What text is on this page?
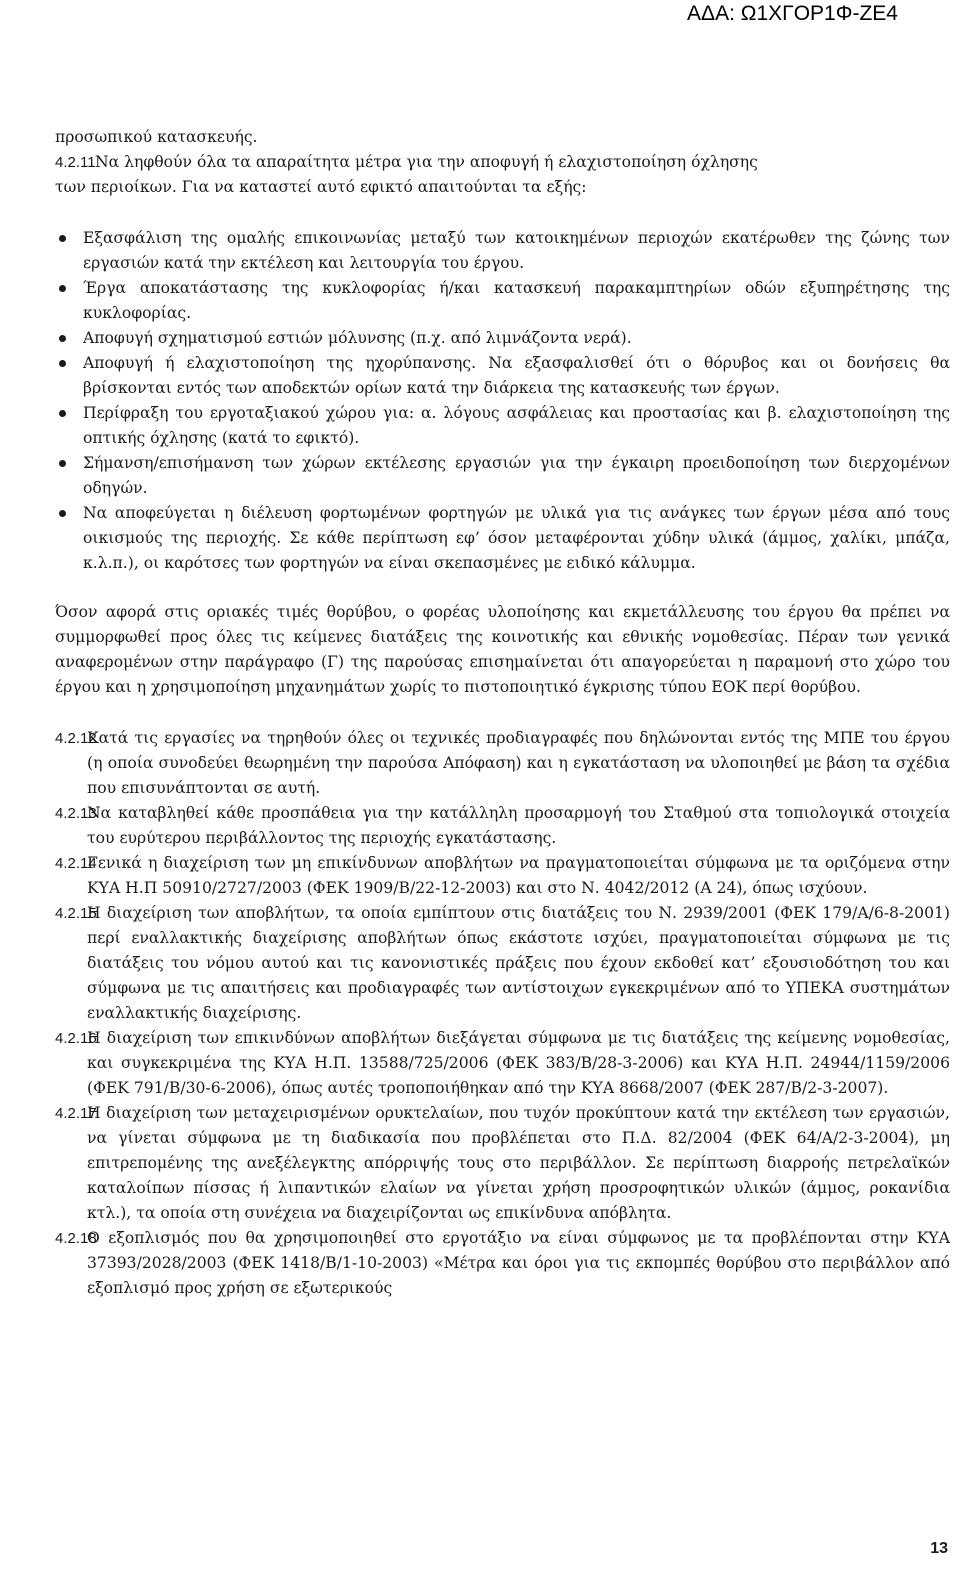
ΑΔΑ: Ω1ΧΓΟΡ1Φ-ΖΕ4

προσωπικού κατασκευής.

4.2.11 Να ληφθούν όλα τα απαραίτητα μέτρα για την αποφυγή ή ελαχιστοποίηση όχλησης

των περιοίκων. Για να καταστεί αυτό εφικτό απαιτούνται τα εξής:

Εξασφάλιση της ομαλής επικοινωνίας μεταξύ των κατοικημένων περιοχών εκατέρωθεν της ζώνης των εργασιών κατά την εκτέλεση και λειτουργία του έργου.
Έργα αποκατάστασης της κυκλοφορίας ή/και κατασκευή παρακαμπτηρίων οδών εξυπηρέτησης της κυκλοφορίας.
Αποφυγή σχηματισμού εστιών μόλυνσης (π.χ. από λιμνάζοντα νερά).
Αποφυγή ή ελαχιστοποίηση της ηχορύπανσης. Να εξασφαλισθεί ότι ο θόρυβος και οι δονήσεις θα βρίσκονται εντός των αποδεκτών ορίων κατά την διάρκεια της κατασκευής των έργων.
Περίφραξη του εργοταξιακού χώρου για: α. λόγους ασφάλειας και προστασίας και β. ελαχιστοποίηση της οπτικής όχλησης (κατά το εφικτό).
Σήμανση/επισήμανση των χώρων εκτέλεσης εργασιών για την έγκαιρη προειδοποίηση των διερχομένων οδηγών.
Να αποφεύγεται η διέλευση φορτωμένων φορτηγών με υλικά για τις ανάγκες των έργων μέσα από τους οικισμούς της περιοχής. Σε κάθε περίπτωση εφ’ όσον μεταφέρονται χύδην υλικά (άμμος, χαλίκι, μπάζα, κ.λ.π.), οι καρότσες των φορτηγών να είναι σκεπασμένες με ειδικό κάλυμμα.

Όσον αφορά στις οριακές τιμές θορύβου, ο φορέας υλοποίησης και εκμετάλλευσης του έργου θα πρέπει να συμμορφωθεί προς όλες τις κείμενες διατάξεις της κοινοτικής και εθνικής νομοθεσίας. Πέραν των γενικά αναφερομένων στην παράγραφο (Γ) της παρούσας επισημαίνεται ότι απαγορεύεται η παραμονή στο χώρο του έργου και η χρησιμοποίηση μηχανημάτων χωρίς το πιστοποιητικό έγκρισης τύπου ΕΟΚ περί θορύβου.

4.2.12
Κατά τις εργασίες να τηρηθούν όλες οι τεχνικές προδιαγραφές που δηλώνονται εντός της ΜΠΕ του έργου (η οποία συνοδεύει θεωρημένη την παρούσα Απόφαση) και η εγκατάσταση να υλοποιηθεί με βάση τα σχέδια που επισυνάπτονται σε αυτή.
4.2.13
Να καταβληθεί κάθε προσπάθεια για την κατάλληλη προσαρμογή του Σταθμού στα τοπιολογικά στοιχεία του ευρύτερου περιβάλλοντος της περιοχής εγκατάστασης.
4.2.14
Γενικά η διαχείριση των μη επικίνδυνων αποβλήτων να πραγματοποιείται σύμφωνα με τα οριζόμενα στην ΚΥΑ Η.Π 50910/2727/2003 (ΦΕΚ 1909/Β/22-12-2003) και στο Ν. 4042/2012 (Α 24), όπως ισχύουν.
4.2.15
Η διαχείριση των αποβλήτων, τα οποία εμπίπτουν στις διατάξεις του Ν. 2939/2001 (ΦΕΚ 179/Α/6-8-2001) περί εναλλακτικής διαχείρισης αποβλήτων όπως εκάστοτε ισχύει, πραγματοποιείται σύμφωνα με τις διατάξεις του νόμου αυτού και τις κανονιστικές πράξεις που έχουν εκδοθεί κατ’ εξουσιοδότηση του και σύμφωνα με τις απαιτήσεις και προδιαγραφές των αντίστοιχων εγκεκριμένων από το ΥΠΕΚΑ συστημάτων εναλλακτικής διαχείρισης.
4.2.16
Η διαχείριση των επικινδύνων αποβλήτων διεξάγεται σύμφωνα με τις διατάξεις της κείμενης νομοθεσίας, και συγκεκριμένα της ΚΥΑ Η.Π. 13588/725/2006 (ΦΕΚ 383/Β/28-3-2006) και ΚΥΑ Η.Π. 24944/1159/2006 (ΦΕΚ 791/Β/30-6-2006), όπως αυτές τροποποιήθηκαν από την ΚΥΑ 8668/2007 (ΦΕΚ 287/Β/2-3-2007).
4.2.17
Η διαχείριση των μεταχειρισμένων ορυκτελαίων, που τυχόν προκύπτουν κατά την εκτέλεση των εργασιών, να γίνεται σύμφωνα με τη διαδικασία που προβλέπεται στο Π.Δ. 82/2004 (ΦΕΚ 64/Α/2-3-2004), μη επιτρεπομένης της ανεξέλεγκτης απόρριψής τους στο περιβάλλον. Σε περίπτωση διαρροής πετρελαϊκών καταλοίπων πίσσας ή λιπαντικών ελαίων να γίνεται χρήση προσροφητικών υλικών (άμμος, ροκανίδια κτλ.), τα οποία στη συνέχεια να διαχειρίζονται ως επικίνδυνα απόβλητα.
4.2.18
Ο εξοπλισμός που θα χρησιμοποιηθεί στο εργοτάξιο να είναι σύμφωνος με τα προβλέπονται στην ΚΥΑ 37393/2028/2003 (ΦΕΚ 1418/Β/1-10-2003) «Μέτρα και όροι για τις εκπομπές θορύβου στο περιβάλλον από εξοπλισμό προς χρήση σε εξωτερικούς
13
